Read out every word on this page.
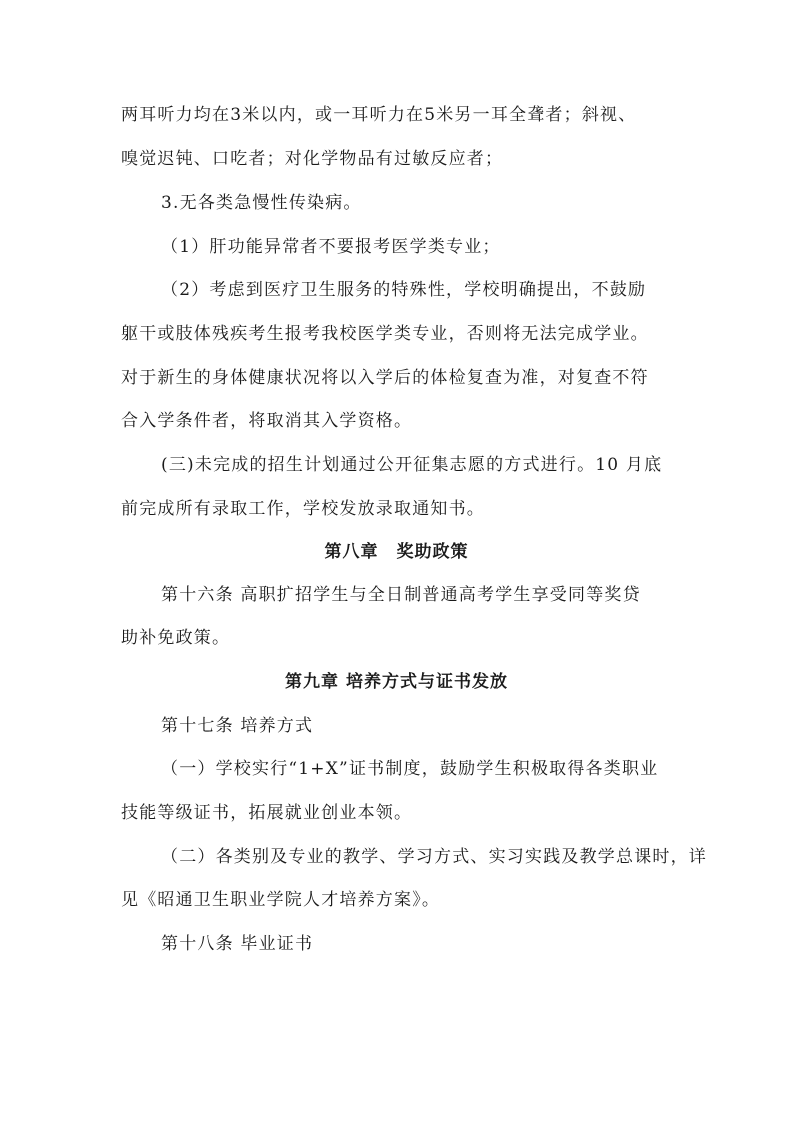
两耳听力均在3米以内，或一耳听力在5米另一耳全聋者；斜视、
嗅觉迟钝、口吃者；对化学物品有过敏反应者；
3.无各类急慢性传染病。
（1）肝功能异常者不要报考医学类专业；
（2）考虑到医疗卫生服务的特殊性，学校明确提出，不鼓励
躯干或肢体残疾考生报考我校医学类专业，否则将无法完成学业。
对于新生的身体健康状况将以入学后的体检复查为准，对复查不符
合入学条件者，将取消其入学资格。
(三)未完成的招生计划通过公开征集志愿的方式进行。10 月底
前完成所有录取工作，学校发放录取通知书。
第八章　奖助政策
第十六条 高职扩招学生与全日制普通高考学生享受同等奖贷
助补免政策。
第九章 培养方式与证书发放
第十七条 培养方式
（一）学校实行“1+X”证书制度，鼓励学生积极取得各类职业
技能等级证书，拓展就业创业本领。
（二）各类别及专业的教学、学习方式、实习实践及教学总课时，详
见《昭通卫生职业学院人才培养方案》。
第十八条 毕业证书
